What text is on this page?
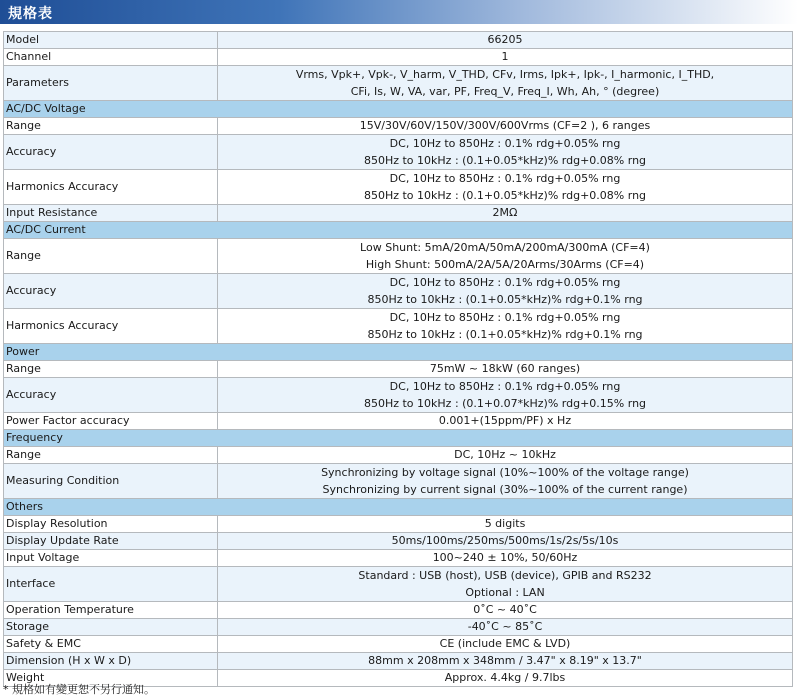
規格表
Model	66205
Channel	1
Parameters	Vrms, Vpk+, Vpk-, V_harm, V_THD, CFv, Irms, Ipk+, Ipk-, I_harmonic, I_THD,
CFi, Is, W, VA, var, PF, Freq_V, Freq_I, Wh, Ah, ° (degree)

AC/DC Voltage	
Range	15V/30V/60V/150V/300V/600Vrms (CF=2 ), 6 ranges
Accuracy	DC, 10Hz to 850Hz : 0.1% rdg+0.05% rng
850Hz to 10kHz : (0.1+0.05*kHz)% rdg+0.08% rng

Harmonics Accuracy	DC, 10Hz to 850Hz : 0.1% rdg+0.05% rng
850Hz to 10kHz : (0.1+0.05*kHz)% rdg+0.08% rng

Input Resistance	2MΩ
AC/DC Current	
Range	Low Shunt: 5mA/20mA/50mA/200mA/300mA (CF=4)
High Shunt: 500mA/2A/5A/20Arms/30Arms (CF=4)

Accuracy	DC, 10Hz to 850Hz : 0.1% rdg+0.05% rng
850Hz to 10kHz : (0.1+0.05*kHz)% rdg+0.1% rng

Harmonics Accuracy	DC, 10Hz to 850Hz : 0.1% rdg+0.05% rng
850Hz to 10kHz : (0.1+0.05*kHz)% rdg+0.1% rng

Power	
Range	75mW ~ 18kW (60 ranges)
Accuracy	DC, 10Hz to 850Hz : 0.1% rdg+0.05% rng
850Hz to 10kHz : (0.1+0.07*kHz)% rdg+0.15% rng

Power Factor accuracy	0.001+(15ppm/PF) x Hz
Frequency	
Range	DC, 10Hz ~ 10kHz
Measuring Condition	Synchronizing by voltage signal (10%~100% of the voltage range)
Synchronizing by current signal (30%~100% of the current range)

Others	
Display Resolution	5 digits
Display Update Rate	50ms/100ms/250ms/500ms/1s/2s/5s/10s
Input Voltage	100~240 ± 10%, 50/60Hz
Interface	Standard : USB (host), USB (device), GPIB and RS232
Optional : LAN

Operation Temperature	0˚C ~ 40˚C
Storage	-40˚C ~ 85˚C
Safety & EMC	CE (include EMC & LVD)
Dimension (H x W x D)	88mm x 208mm x 348mm / 3.47" x 8.19" x 13.7"
Weight	Approx. 4.4kg / 9.7lbs
* 規格如有變更恕不另行通知。
